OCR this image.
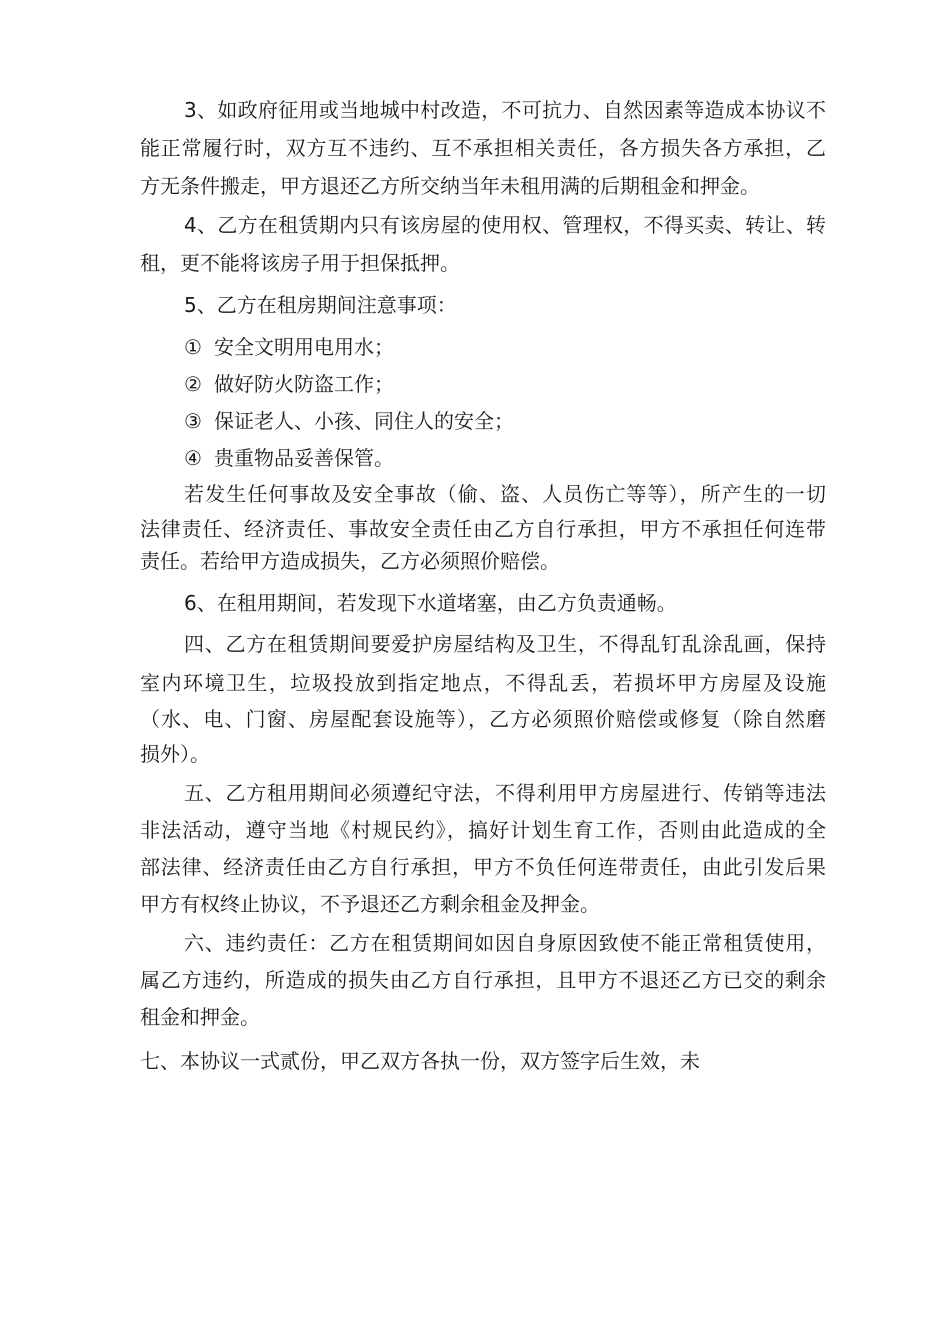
3、如政府征用或当地城中村改造，不可抗力、自然因素等造成本协议不
能正常履行时，双方互不违约、互不承担相关责任，各方损失各方承担，乙
方无条件搬走，甲方退还乙方所交纳当年未租用满的后期租金和押金。
4、乙方在租赁期内只有该房屋的使用权、管理权，不得买卖、转让、转
租，更不能将该房子用于担保抵押。
5、乙方在租房期间注意事项：
① 安全文明用电用水；
② 做好防火防盗工作；
③ 保证老人、小孩、同住人的安全；
④ 贵重物品妥善保管。
若发生任何事故及安全事故（偷、盗、人员伤亡等等），所产生的一切
法律责任、经济责任、事故安全责任由乙方自行承担，甲方不承担任何连带
责任。若给甲方造成损失，乙方必须照价赔偿。
6、在租用期间，若发现下水道堵塞，由乙方负责通畅。
四、乙方在租赁期间要爱护房屋结构及卫生，不得乱钉乱涂乱画，保持
室内环境卫生，垃圾投放到指定地点，不得乱丢，若损坏甲方房屋及设施
（水、电、门窗、房屋配套设施等），乙方必须照价赔偿或修复（除自然磨
损外）。
五、乙方租用期间必须遵纪守法，不得利用甲方房屋进行、传销等违法
非法活动，遵守当地《村规民约》，搞好计划生育工作，否则由此造成的全
部法律、经济责任由乙方自行承担，甲方不负任何连带责任，由此引发后果
甲方有权终止协议，不予退还乙方剩余租金及押金。
六、违约责任：乙方在租赁期间如因自身原因致使不能正常租赁使用，
属乙方违约，所造成的损失由乙方自行承担，且甲方不退还乙方已交的剩余
租金和押金。
七、本协议一式贰份，甲乙双方各执一份，双方签字后生效，未
